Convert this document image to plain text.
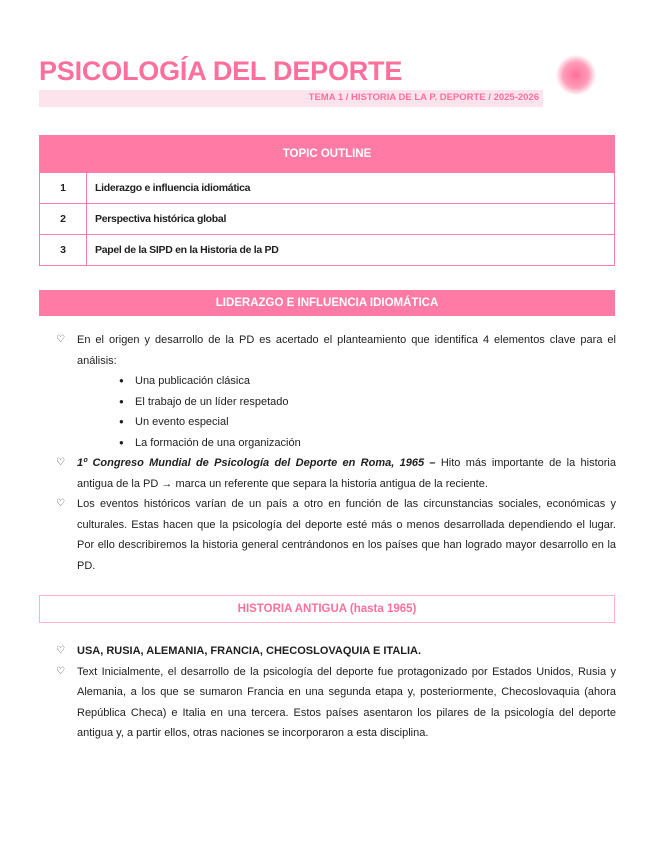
PSICOLOGÍA DEL DEPORTE
TEMA 1 / HISTORIA DE LA P. DEPORTE / 2025-2026
TOPIC OUTLINE	
1	Liderazgo e influencia idiomática
2	Perspectiva histórica global
3	Papel de la SIPD en la Historia de la PD
LIDERAZGO E INFLUENCIA IDIOMÁTICA
♡	En el origen y desarrollo de la PD es acertado el planteamiento que identifica 4 elementos clave para el análisis:
● Una publicación clásica
● El trabajo de un líder respetado
● Un evento especial
● La formación de una organización
♡	1º Congreso Mundial de Psicología del Deporte en Roma, 1965 – Hito más importante de la historia antigua de la PD → marca un referente que separa la historia antigua de la reciente.
♡	Los eventos históricos varían de un país a otro en función de las circunstancias sociales, económicas y culturales. Estas hacen que la psicología del deporte esté más o menos desarrollada dependiendo el lugar. Por ello describiremos la historia general centrándonos en los países que han logrado mayor desarrollo en la PD.
HISTORIA ANTIGUA (hasta 1965)
♡	USA, RUSIA, ALEMANIA, FRANCIA, CHECOSLOVAQUIA E ITALIA.
♡	Text Inicialmente, el desarrollo de la psicología del deporte fue protagonizado por Estados Unidos, Rusia y Alemania, a los que se sumaron Francia en una segunda etapa y, posteriormente, Checoslovaquia (ahora República Checa) e Italia en una tercera. Estos países asentaron los pilares de la psicología del deporte antigua y, a partir ellos, otras naciones se incorporaron a esta disciplina.
